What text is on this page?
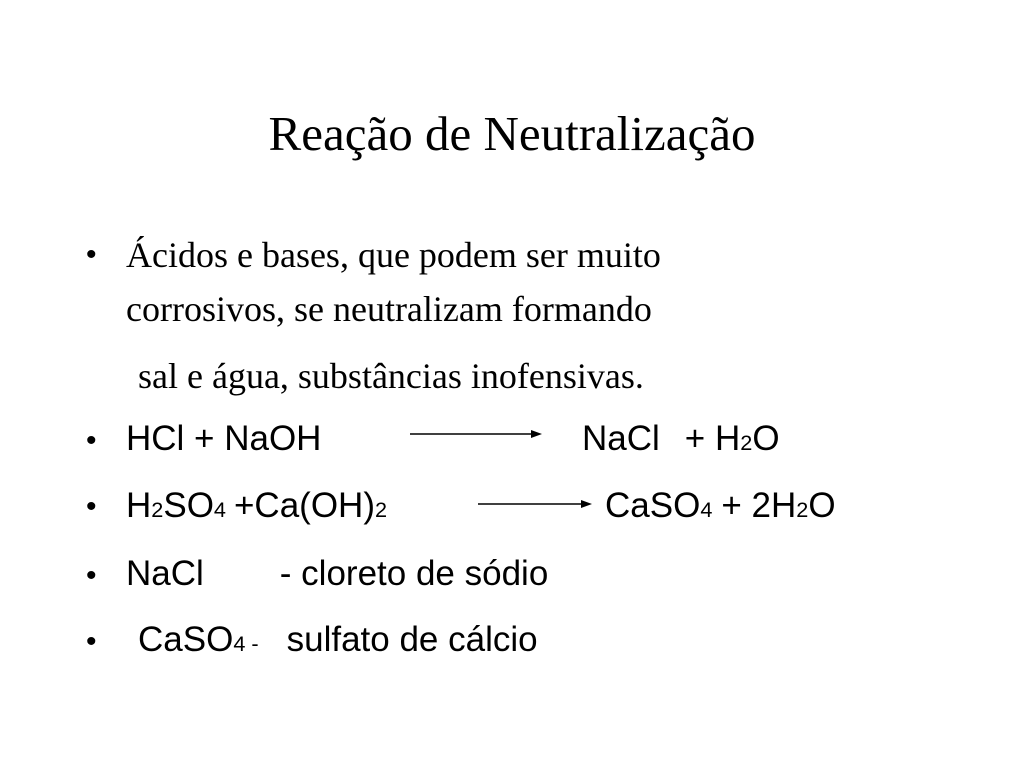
Reação de Neutralização
• Ácidos e bases, que podem ser muito
corrosivos, se neutralizam formando
sal e água, substâncias inofensivas.
• HCl + NaOH	NaCl + H2O
• H2SO4 +Ca(OH)2	CaSO4 + 2H2O
• NaCl - cloreto de sódio
• CaSO4 - sulfato de cálcio
